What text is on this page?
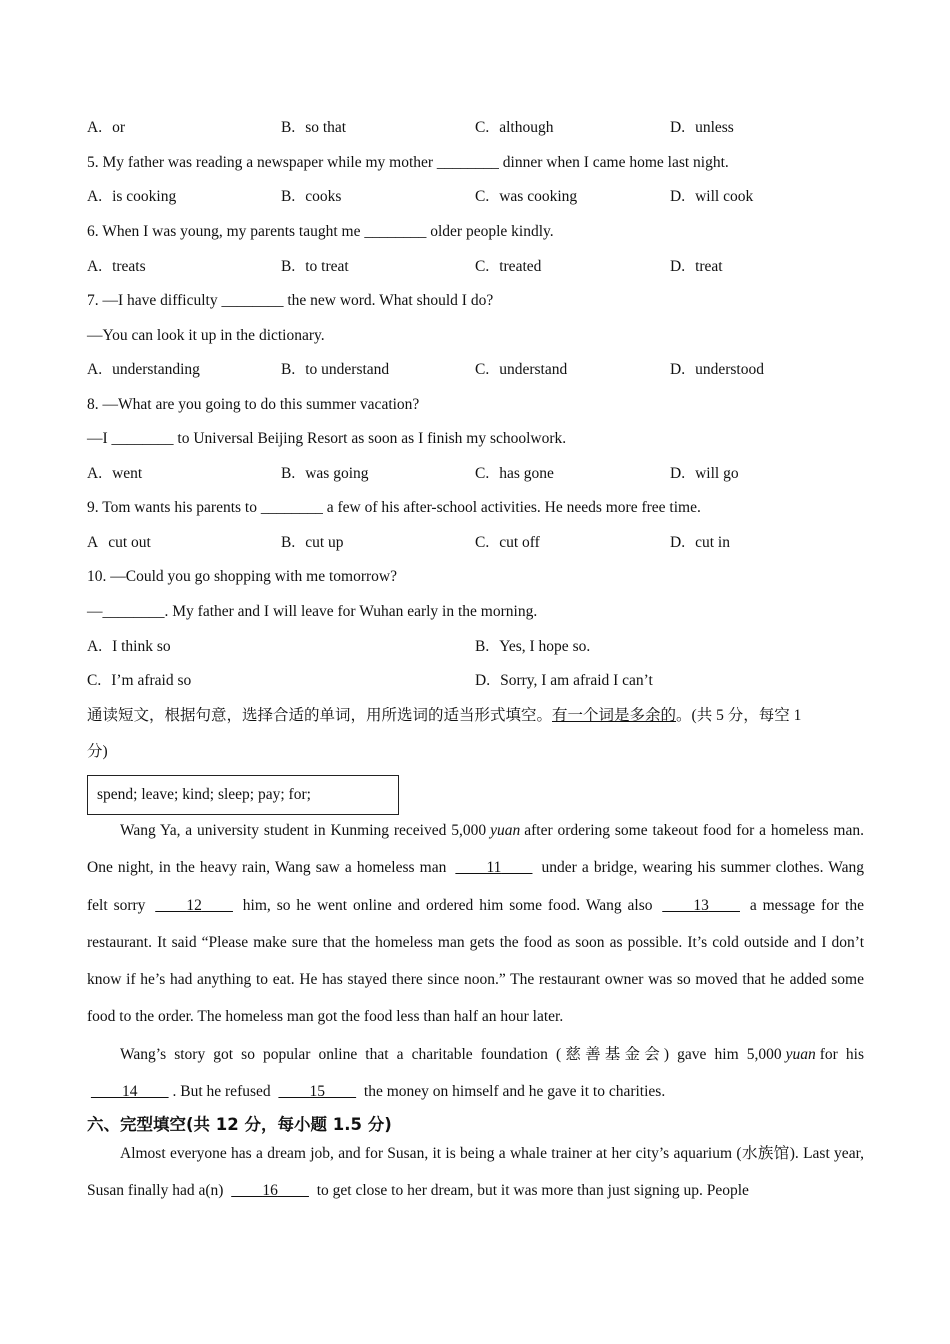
A. or	B. so that	C. although	D. unless
5. My father was reading a newspaper while my mother ________ dinner when I came home last night.
A. is cooking	B. cooks	C. was cooking	D. will cook
6. When I was young, my parents taught me ________ older people kindly.
A. treats	B. to treat	C. treated	D. treat
7. —I have difficulty ________ the new word. What should I do?
—You can look it up in the dictionary.
A. understanding	B. to understand	C. understand	D. understood
8. —What are you going to do this summer vacation?
—I ________ to Universal Beijing Resort as soon as I finish my schoolwork.
A. went	B. was going	C. has gone	D. will go
9. Tom wants his parents to ________ a few of his after-school activities. He needs more free time.
A cut out	B. cut up	C. cut off	D. cut in
10. —Could you go shopping with me tomorrow?
—________. My father and I will leave for Wuhan early in the morning.
A. I think so	B. Yes, I hope so.
C. I’m afraid so	D. Sorry, I am afraid I can’t
通读短文，根据句意，选择合适的单词，用所选词的适当形式填空。有一个词是多余的。(共 5 分，每空 1
分)
spend; leave; kind; sleep; pay; for;

Wang Ya, a university student in Kunming received 5,000 yuan after ordering some takeout food for a homeless man. One night, in the heavy rain, Wang saw a homeless man ____11____ under a bridge, wearing his summer clothes. Wang felt sorry ____12____ him, so he went online and ordered him some food. Wang also ____13____ a message for the restaurant. It said “Please make sure that the homeless man gets the food as soon as possible. It’s cold outside and I don’t know if he’s had anything to eat. He has stayed there since noon.” The restaurant owner was so moved that he added some food to the order. The homeless man got the food less than half an hour later.

Wang’s story got so popular online that a charitable foundation (慈善基金会) gave him 5,000 yuan for his ____14____ . But he refused ____15____ the money on himself and he gave it to charities.

六、完型填空(共 12 分，每小题 1.5 分)

Almost everyone has a dream job, and for Susan, it is being a whale trainer at her city’s aquarium (水族馆). Last year, Susan finally had a(n) ____16____ to get close to her dream, but it was more than just signing up. People
